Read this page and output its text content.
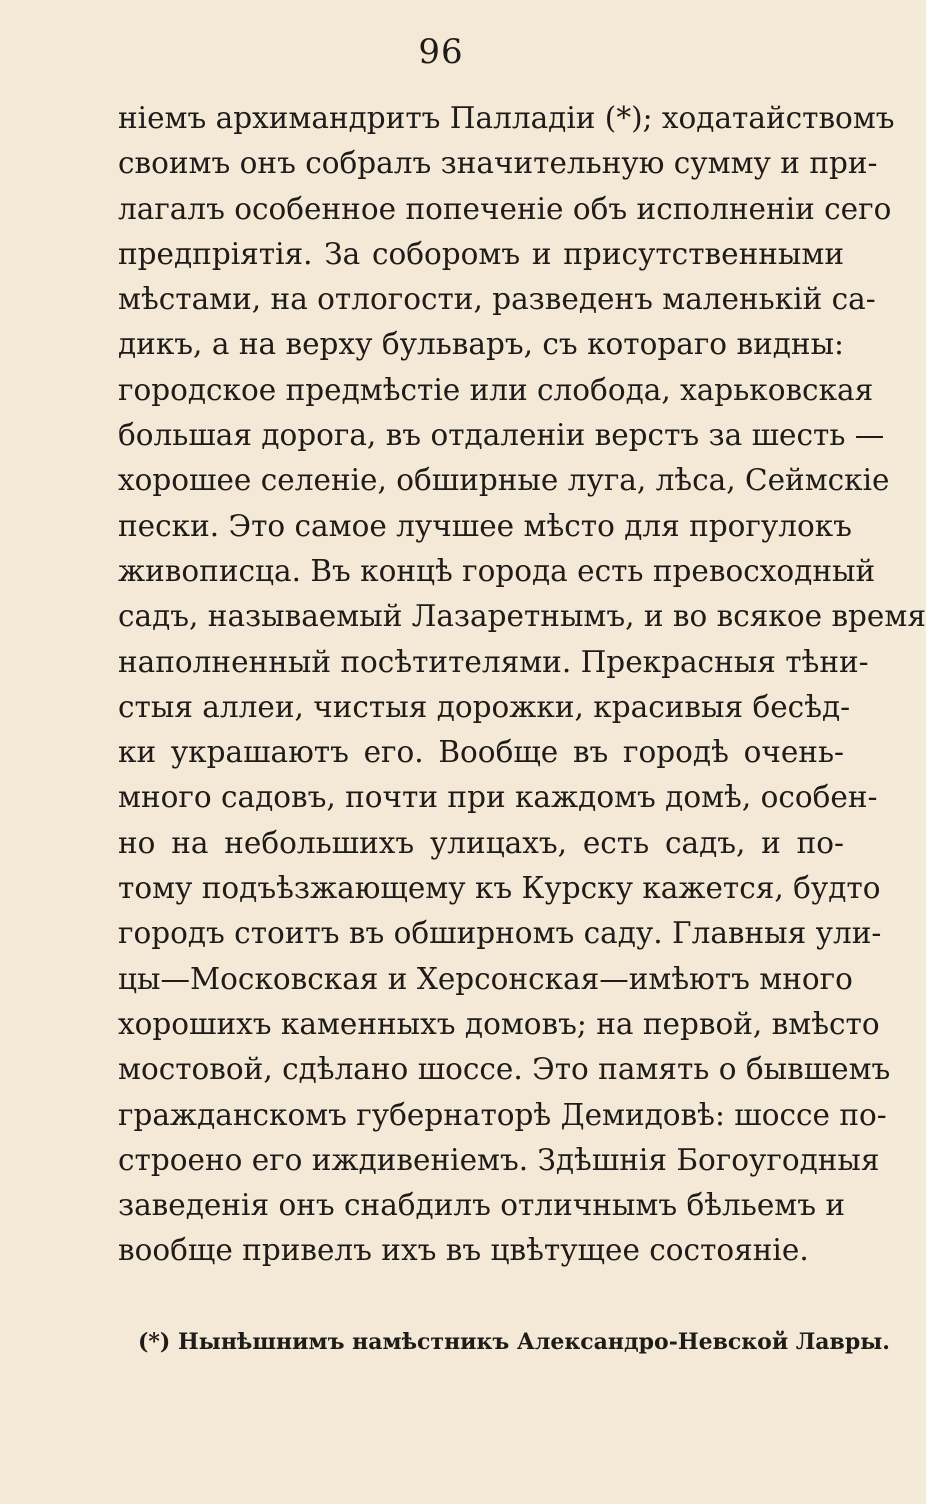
96
ніемъ архимандритъ Палладіи (*); ходатайствомъ
своимъ онъ собралъ значительную сумму и при-
лагалъ особенное попеченіе объ исполненіи сего
предпріятія. За соборомъ и присутственными
мѣстами, на отлогости, разведенъ маленькій са-
дикъ, а на верху бульваръ, съ котораго видны:
городское предмѣстіе или слобода, харьковская
большая дорога, въ отдаленіи верстъ за шесть —
хорошее селеніе, обширные луга, лѣса, Сеймскіе
пески. Это самое лучшее мѣсто для прогулокъ
живописца. Въ концѣ города есть превосходный
садъ, называемый Лазаретнымъ, и во всякое время
наполненный посѣтителями. Прекрасныя тѣни-
стыя аллеи, чистыя дорожки, красивыя бесѣд-
ки украшаютъ его. Вообще въ городѣ очень-
много садовъ, почти при каждомъ домѣ, особен-
но на небольшихъ улицахъ, есть садъ, и по-
тому подъѣзжающему къ Курску кажется, будто
городъ стоитъ въ обширномъ саду. Главныя ули-
цы—Московская и Херсонская—имѣютъ много
хорошихъ каменныхъ домовъ; на первой, вмѣсто
мостовой, сдѣлано шоссе. Это память о бывшемъ
гражданскомъ губернаторѣ Демидовѣ: шоссе по-
строено его иждивеніемъ. Здѣшнія Богоугодныя
заведенія онъ снабдилъ отличнымъ бѣльемъ и
вообще привелъ ихъ въ цвѣтущее состояніе.
(*) Нынѣшнимъ намѣстникъ Александро-Невской Лавры.
